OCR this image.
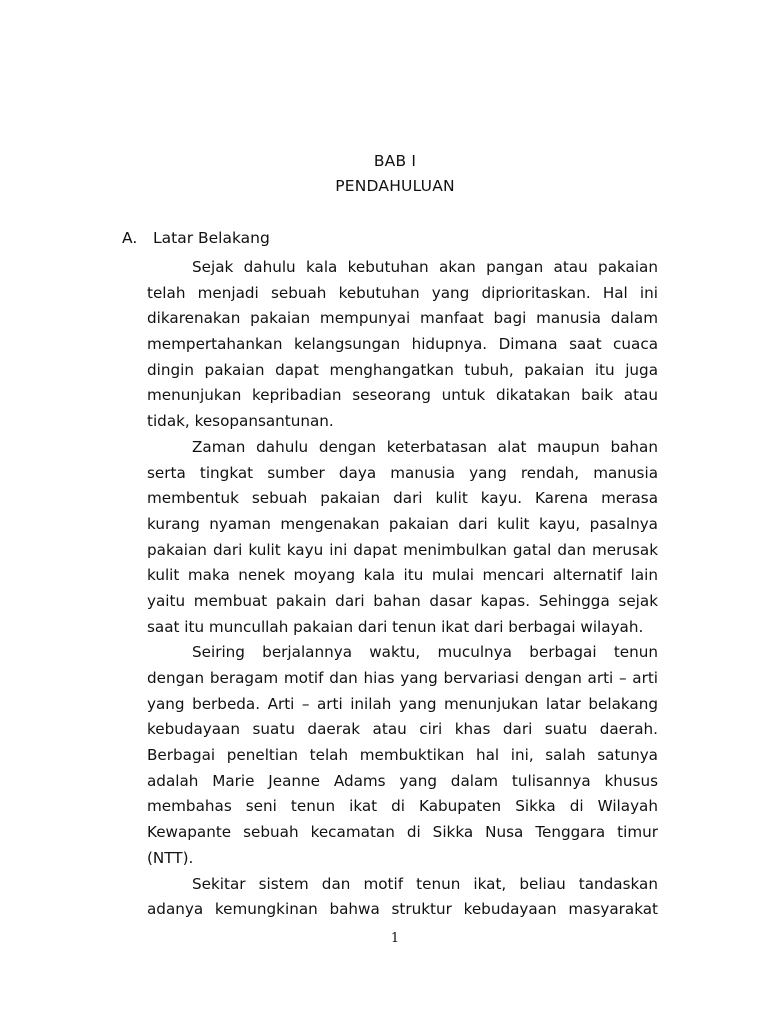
BAB I
PENDAHULUAN
A. Latar Belakang
Sejak dahulu kala kebutuhan akan pangan atau pakaian
telah menjadi sebuah kebutuhan yang diprioritaskan. Hal ini
dikarenakan pakaian mempunyai manfaat bagi manusia dalam
mempertahankan kelangsungan hidupnya. Dimana saat cuaca
dingin pakaian dapat menghangatkan tubuh, pakaian itu juga
menunjukan kepribadian seseorang untuk dikatakan baik atau
tidak, kesopansantunan.
Zaman dahulu dengan keterbatasan alat maupun bahan
serta tingkat sumber daya manusia yang rendah, manusia
membentuk sebuah pakaian dari kulit kayu. Karena merasa
kurang nyaman mengenakan pakaian dari kulit kayu, pasalnya
pakaian dari kulit kayu ini dapat menimbulkan gatal dan merusak
kulit maka nenek moyang kala itu mulai mencari alternatif lain
yaitu membuat pakain dari bahan dasar kapas. Sehingga sejak
saat itu muncullah pakaian dari tenun ikat dari berbagai wilayah.
Seiring berjalannya waktu, muculnya berbagai tenun
dengan beragam motif dan hias yang bervariasi dengan arti – arti
yang berbeda. Arti – arti inilah yang menunjukan latar belakang
kebudayaan suatu daerak atau ciri khas dari suatu daerah.
Berbagai peneltian telah membuktikan hal ini, salah satunya
adalah Marie Jeanne Adams yang dalam tulisannya khusus
membahas seni tenun ikat di Kabupaten Sikka di Wilayah
Kewapante sebuah kecamatan di Sikka Nusa Tenggara timur
(NTT).
Sekitar sistem dan motif tenun ikat, beliau tandaskan
adanya kemungkinan bahwa struktur kebudayaan masyarakat
1
